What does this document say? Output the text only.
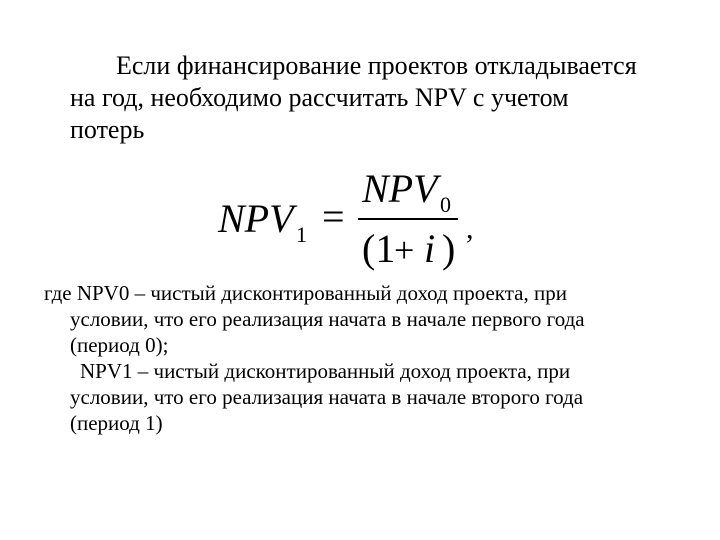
Если финансирование проектов откладывается
на год, необходимо рассчитать NPV с учетом
потерь
NPV 1 =
NPV 0
(1
+ i ) ,
где NPV0 – чистый дисконтированный доход проекта, при
условии, что его реализация начата в начале первого года
(период 0);
NPV1 – чистый дисконтированный доход проекта, при
условии, что его реализация начата в начале второго года
(период 1)
